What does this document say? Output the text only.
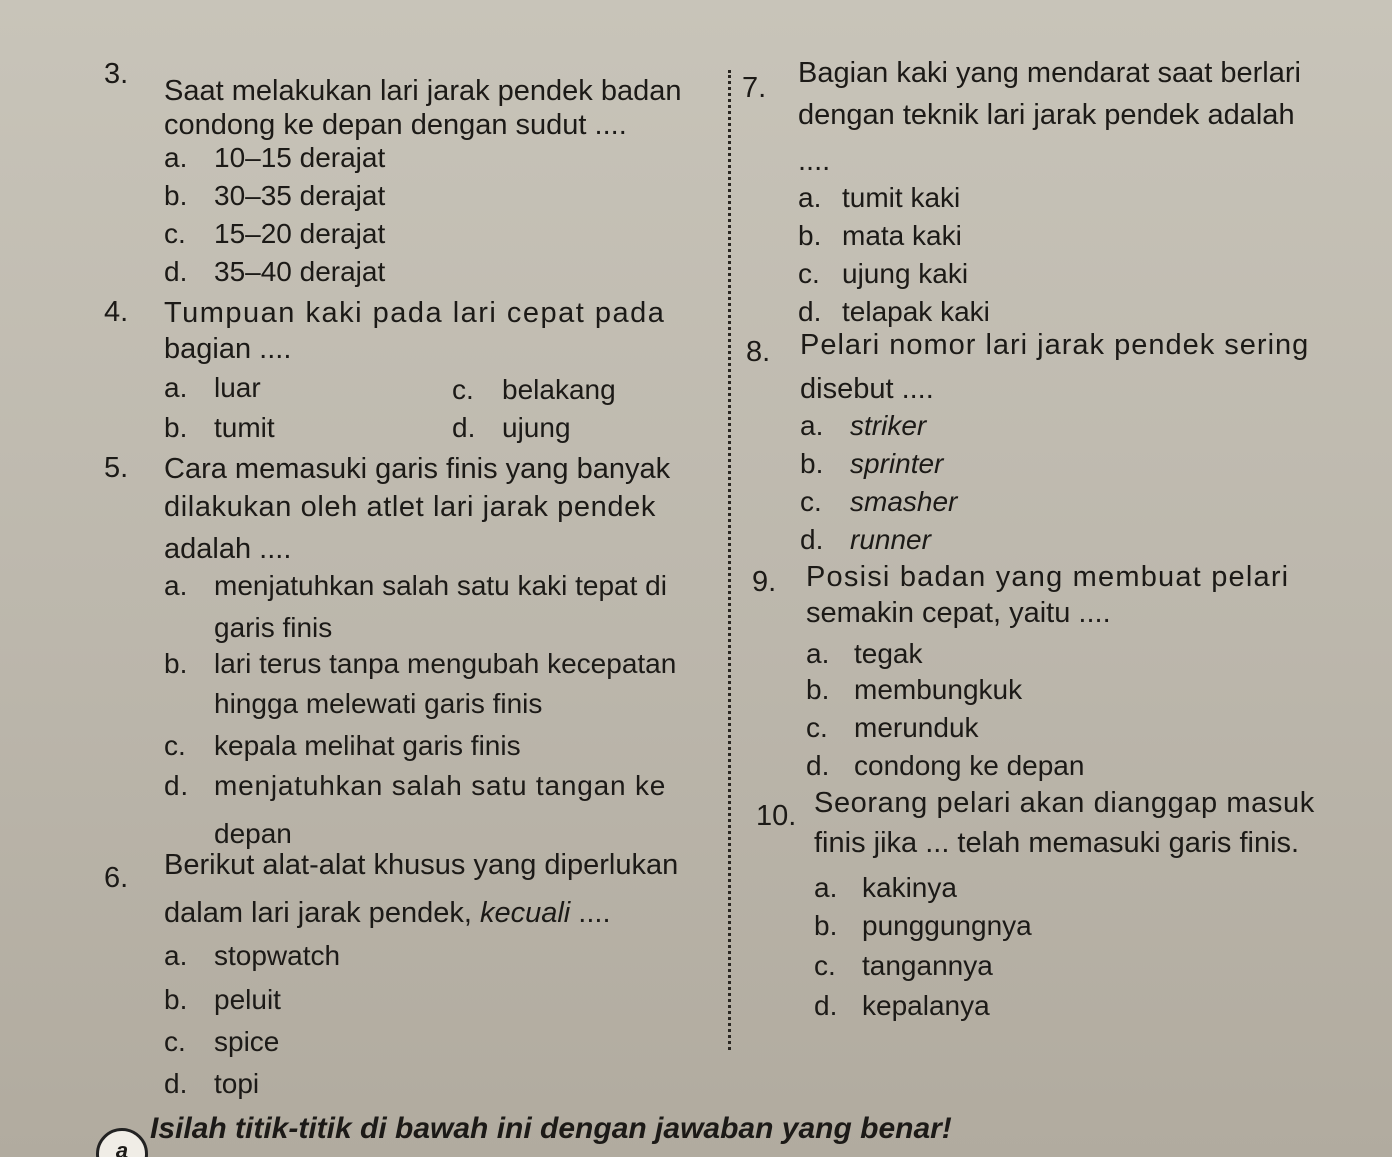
3.
Saat melakukan lari jarak pendek badan
condong ke depan dengan sudut ....
a. 10–15 derajat
b. 30–35 derajat
c. 15–20 derajat
d. 35–40 derajat
4. Tumpuan kaki pada lari cepat pada
bagian ....
a. luar	c. belakang
b. tumit	d. ujung
5. Cara memasuki garis finis yang banyak
dilakukan oleh atlet lari jarak pendek
adalah ....
a. menjatuhkan salah satu kaki tepat di
garis finis
b. lari terus tanpa mengubah kecepatan
hingga melewati garis finis
c. kepala melihat garis finis
d. menjatuhkan salah satu tangan ke
depan
6. Berikut alat-alat khusus yang diperlukan
dalam lari jarak pendek, kecuali ....
a. stopwatch
b. peluit
c. spice
d. topi
7. Bagian kaki yang mendarat saat berlari
dengan teknik lari jarak pendek adalah
....
a. tumit kaki
b. mata kaki
c. ujung kaki
d. telapak kaki
8. Pelari nomor lari jarak pendek sering
disebut ....
a. striker
b. sprinter
c. smasher
d. runner
9. Posisi badan yang membuat pelari
semakin cepat, yaitu ....
a. tegak
b. membungkuk
c. merunduk
d. condong ke depan
10. Seorang pelari akan dianggap masuk
finis jika ... telah memasuki garis finis.
a. kakinya
b. punggungnya
c. tangannya
d. kepalanya
a
Isilah titik-titik di bawah ini dengan jawaban yang benar!
